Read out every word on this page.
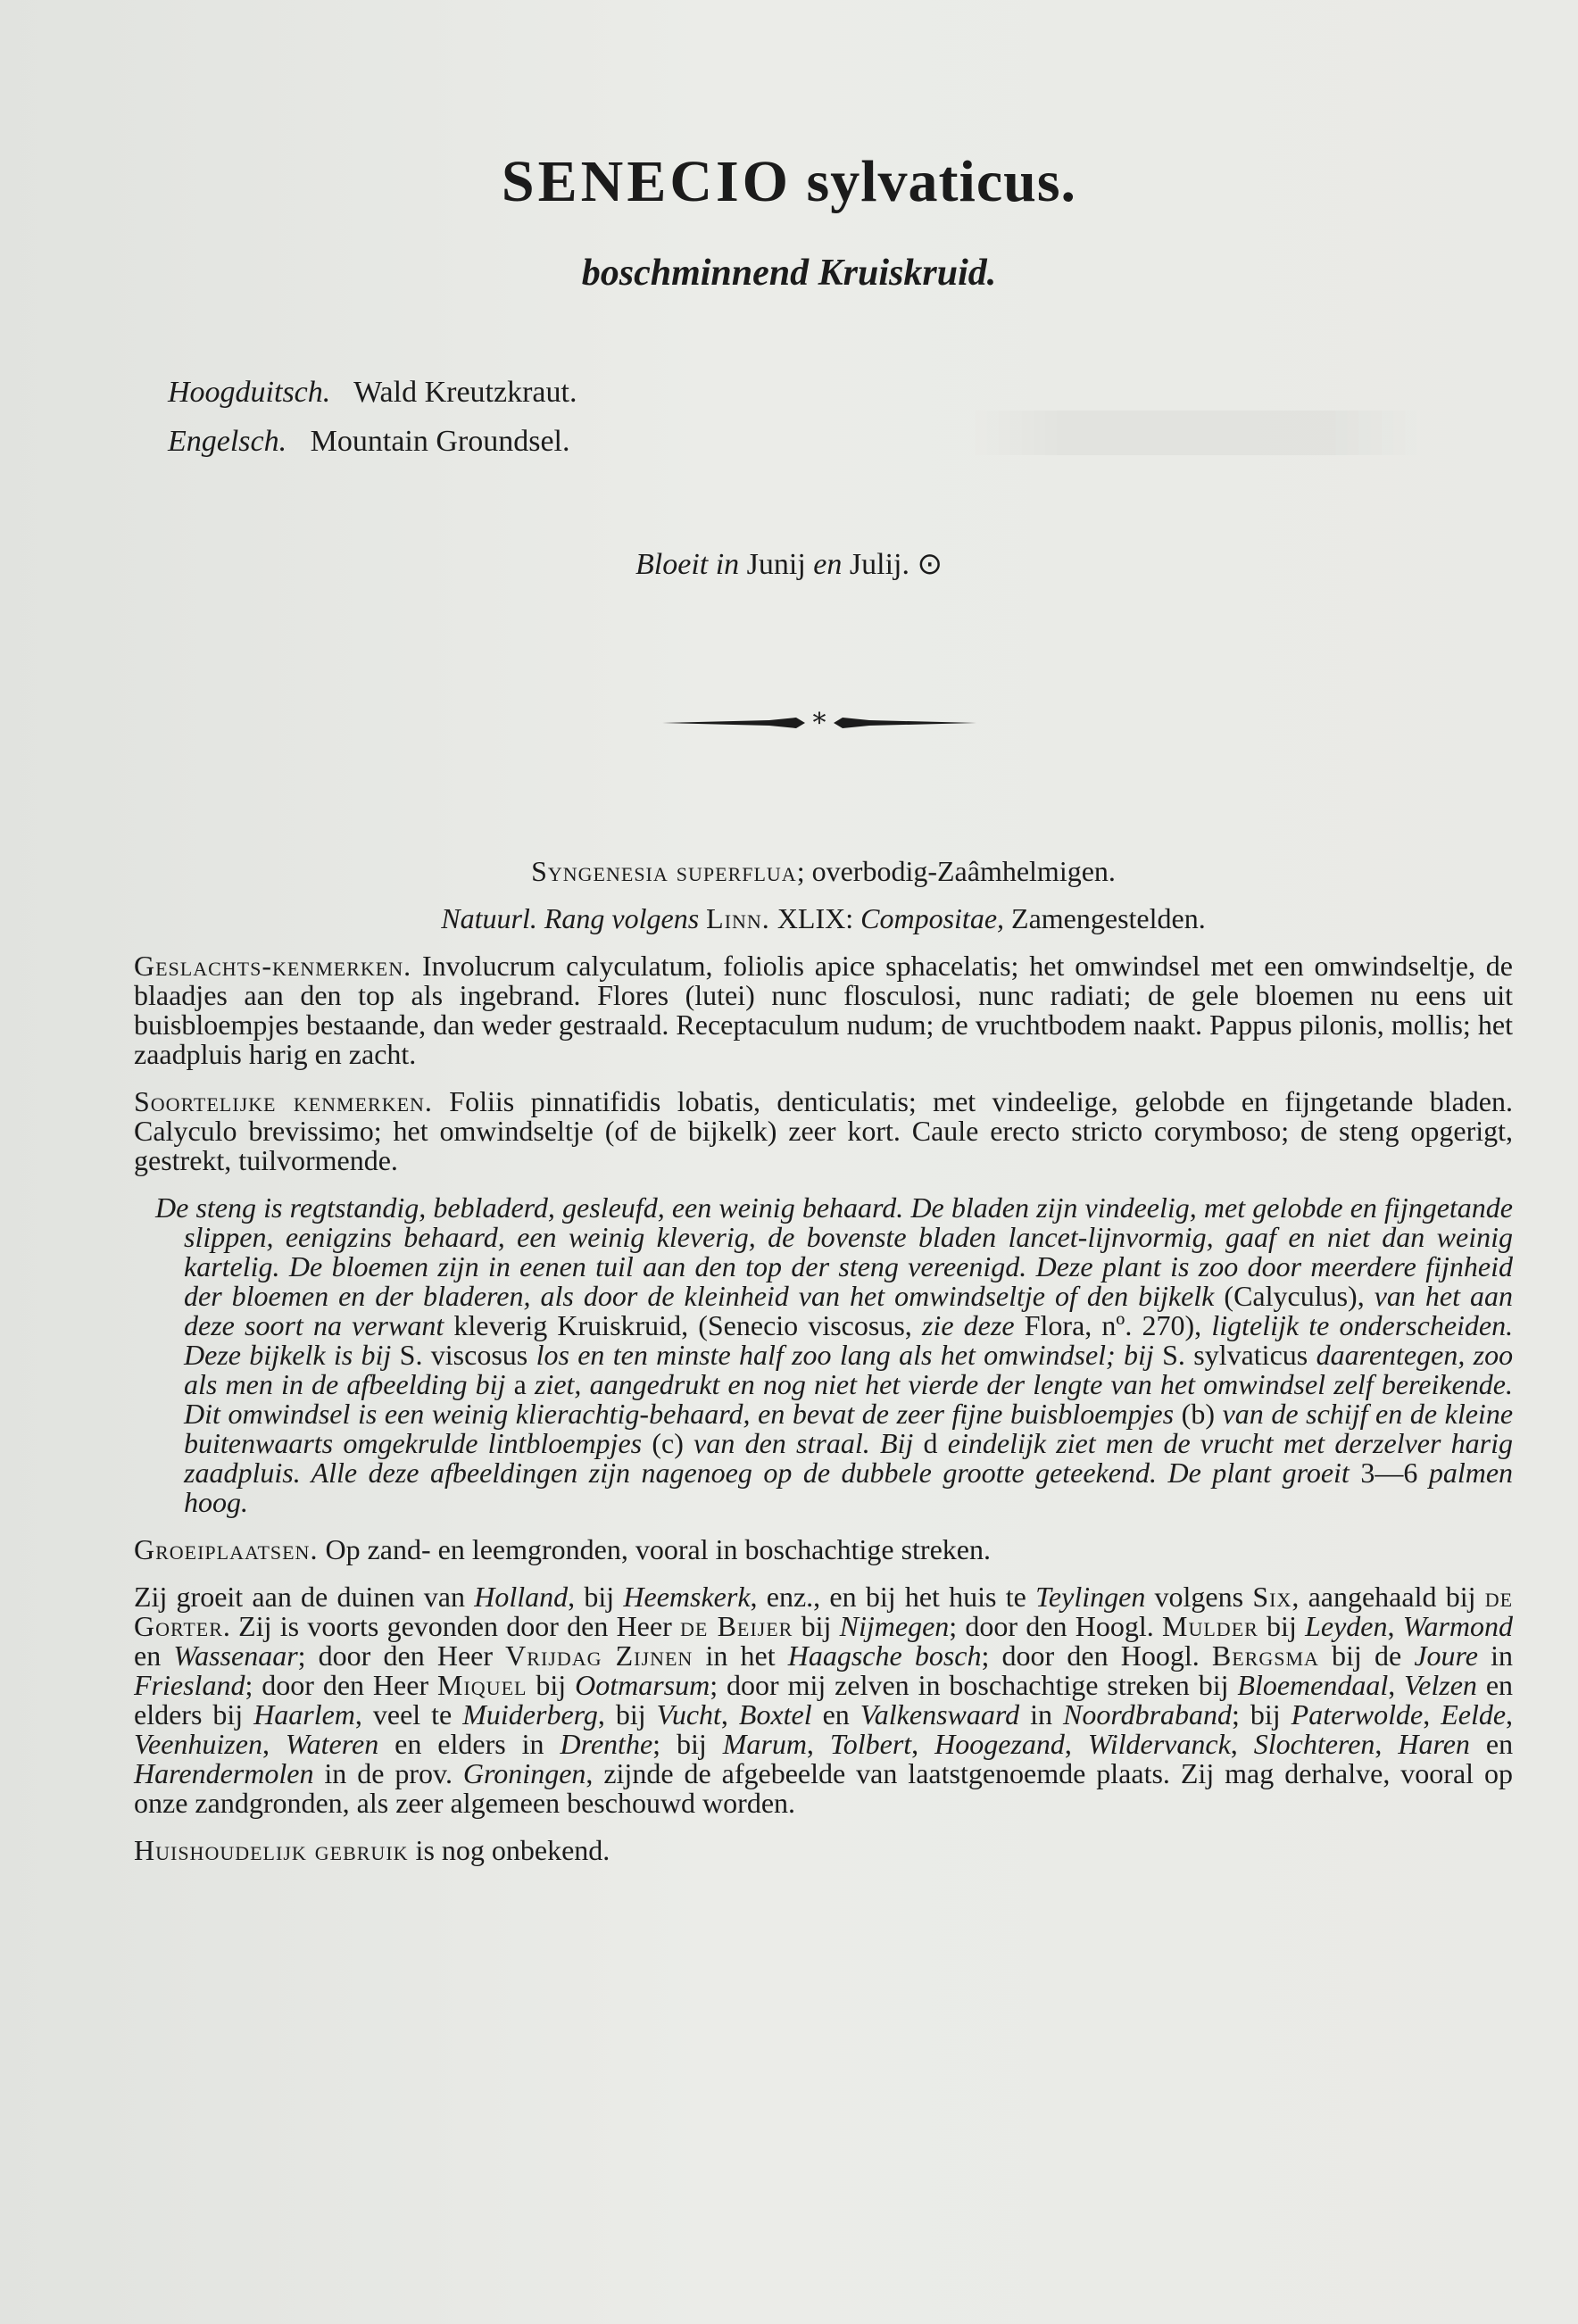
SENECIO sylvaticus.
boschminnend Kruiskruid.
Hoogduitsch. Wald Kreutzkraut.
Engelsch. Mountain Groundsel.
Bloeit in Junij en Julij. ⊙
*

Syngenesia superflua; overbodig-Zaâmhelmigen.

Natuurl. Rang volgens Linn. XLIX: Compositae, Zamengestelden.

Geslachts-kenmerken. Involucrum calyculatum, foliolis apice sphacelatis; het omwindsel met een omwindseltje, de blaadjes aan den top als ingebrand. Flores (lutei) nunc flosculosi, nunc radiati; de gele bloemen nu eens uit buisbloempjes bestaande, dan weder gestraald. Receptaculum nudum; de vruchtbodem naakt. Pappus pilonis, mollis; het zaadpluis harig en zacht.

Soortelijke kenmerken. Foliis pinnatifidis lobatis, denticulatis; met vindeelige, gelobde en fijngetande bladen. Calyculo brevissimo; het omwindseltje (of de bijkelk) zeer kort. Caule erecto stricto corymboso; de steng opgerigt, gestrekt, tuilvormende.

De steng is regtstandig, bebladerd, gesleufd, een weinig behaard. De bladen zijn vindeelig, met gelobde en fijngetande slippen, eenigzins behaard, een weinig kleverig, de bovenste bladen lancet-lijnvormig, gaaf en niet dan weinig kartelig. De bloemen zijn in eenen tuil aan den top der steng vereenigd. Deze plant is zoo door meerdere fijnheid der bloemen en der bladeren, als door de kleinheid van het omwindseltje of den bijkelk (Calyculus), van het aan deze soort na verwant kleverig Kruiskruid, (Senecio viscosus, zie deze Flora, nº. 270), ligtelijk te onderscheiden. Deze bijkelk is bij S. viscosus los en ten minste half zoo lang als het omwindsel; bij S. sylvaticus daarentegen, zoo als men in de afbeelding bij a ziet, aangedrukt en nog niet het vierde der lengte van het omwindsel zelf bereikende. Dit omwindsel is een weinig klierachtig-behaard, en bevat de zeer fijne buisbloempjes (b) van de schijf en de kleine buitenwaarts omgekrulde lintbloempjes (c) van den straal. Bij d eindelijk ziet men de vrucht met derzelver harig zaadpluis. Alle deze afbeeldingen zijn nagenoeg op de dubbele grootte geteekend. De plant groeit 3—6 palmen hoog.

Groeiplaatsen. Op zand- en leemgronden, vooral in boschachtige streken.

Zij groeit aan de duinen van Holland, bij Heemskerk, enz., en bij het huis te Teylingen volgens Six, aangehaald bij de Gorter. Zij is voorts gevonden door den Heer de Beijer bij Nijmegen; door den Hoogl. Mulder bij Leyden, Warmond en Wassenaar; door den Heer Vrijdag Zijnen in het Haagsche bosch; door den Hoogl. Bergsma bij de Joure in Friesland; door den Heer Miquel bij Ootmarsum; door mij zelven in boschachtige streken bij Bloemendaal, Velzen en elders bij Haarlem, veel te Muiderberg, bij Vucht, Boxtel en Valkenswaard in Noordbraband; bij Paterwolde, Eelde, Veenhuizen, Wateren en elders in Drenthe; bij Marum, Tolbert, Hoogezand, Wildervanck, Slochteren, Haren en Harendermolen in de prov. Groningen, zijnde de afgebeelde van laatstgenoemde plaats. Zij mag derhalve, vooral op onze zandgronden, als zeer algemeen beschouwd worden.

Huishoudelijk gebruik is nog onbekend.
